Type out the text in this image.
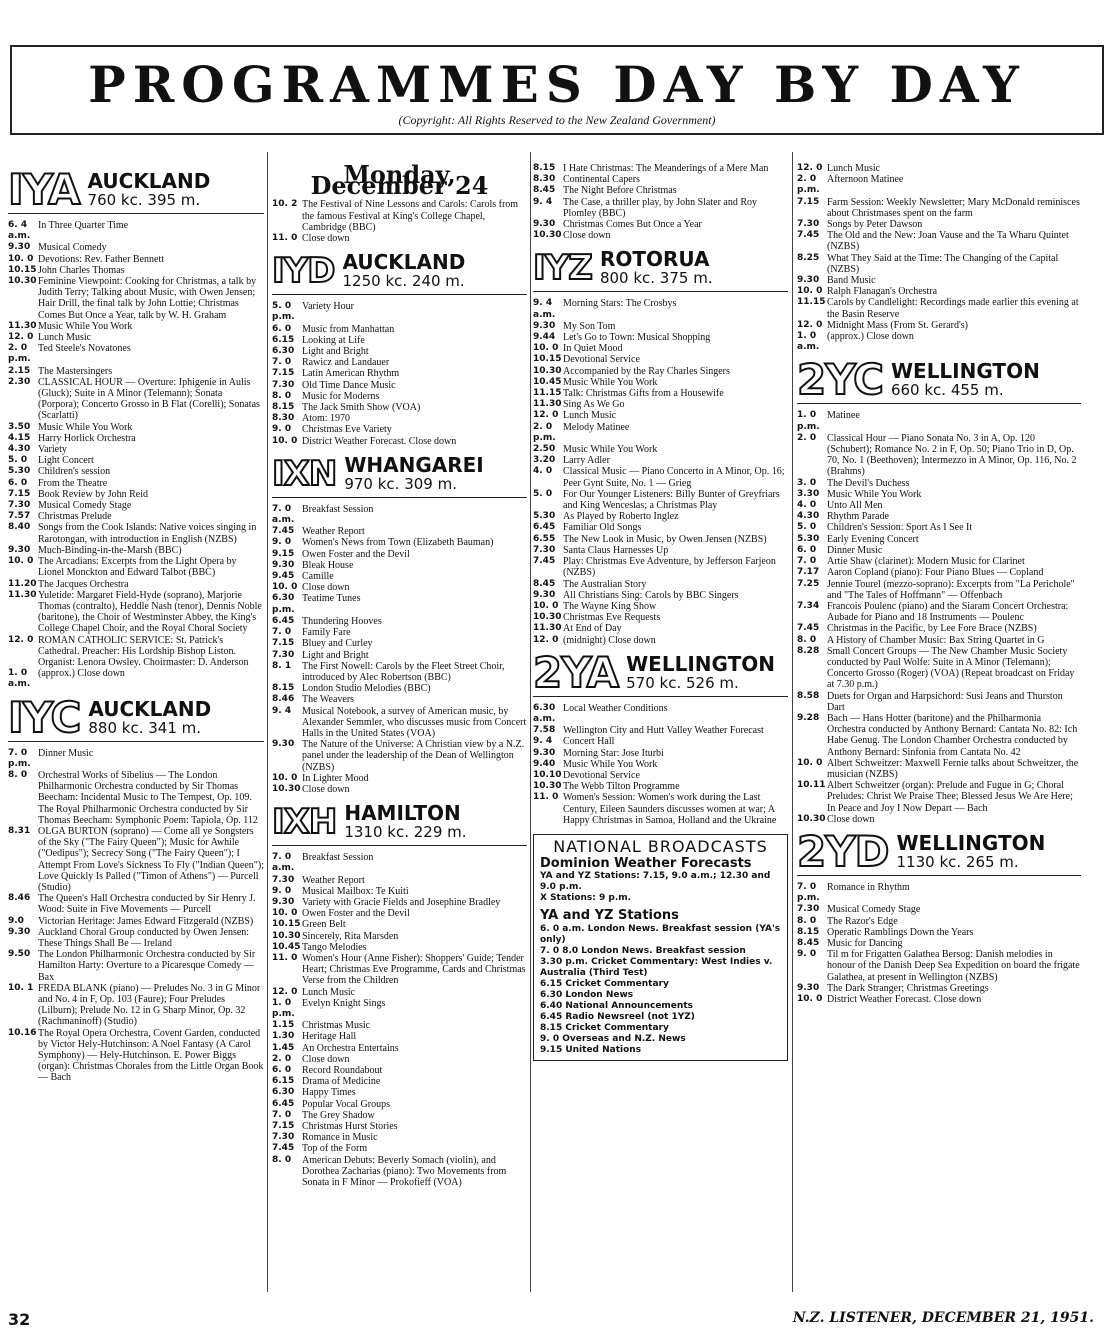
PROGRAMMES DAY BY DAY
(Copyright: All Rights Reserved to the New Zealand Government)
IYA AUCKLAND
760 kc. 395 m.
6. 4 a.m.
In Three Quarter Time
9.30 Musical Comedy
10. 0 Devotions: Rev. Father Bennett
10.15 John Charles Thomas
10.30 Feminine Viewpoint: Cooking for Christmas, a talk by Judith Terry; Talking about Music, with Owen Jensen; Hair Drill, the final talk by John Lottie; Christmas Comes But Once a Year, talk by W. H. Graham
11.30 Music While You Work
12. 0 Lunch Music
2. 0 p.m.
Ted Steele's Novatones
2.15 The Mastersingers
2.30 CLASSICAL HOUR — Overture: Iphigenie in Aulis (Gluck); Suite in A Minor (Telemann); Sonata (Porpora); Concerto Grosso in B Flat (Corelli); Sonatas (Scarlatti)
3.50 Music While You Work
4.15 Harry Horlick Orchestra
4.30 Variety
5. 0	Light Concert
5.30 Children's session
6. 0	From the Theatre
7.15 Book Review by John Reid
7.30 Musical Comedy Stage
7.57 Christmas Prelude
8.40 Songs from the Cook Islands: Native voices singing in Rarotongan, with introduction in English (NZBS)
9.30 Much-Binding-in-the-Marsh (BBC)
10. 0 The Arcadians: Excerpts from the Light Opera by Lionel Monckton and Edward Talbot (BBC)
11.20 The Jacques Orchestra
11.30 Yuletide: Margaret Field-Hyde (soprano), Marjorie Thomas (contralto), Heddle Nash (tenor), Dennis Noble (baritone), the Choir of Westminster Abbey, the King's College Chapel Choir, and the Royal Choral Society
12. 0 ROMAN CATHOLIC SERVICE: St. Patrick's Cathedral. Preacher: His Lordship Bishop Liston. Organist: Lenora Owsley. Choirmaster: D. Anderson
1. 0 a.m.
(approx.) Close down
IYC AUCKLAND
880 kc. 341 m.
7. 0 p.m.
Dinner Music
8. 0	Orchestral Works of Sibelius — The London Philharmonic Orchestra conducted by Sir Thomas Beecham: Incidental Music to The Tempest, Op. 109. The Royal Philharmonic Orchestra conducted by Sir Thomas Beecham: Symphonic Poem: Tapiola, Op. 112
8.31 OLGA BURTON (soprano) — Come all ye Songsters of the Sky ("The Fairy Queen"); Music for Awhile ("Oedipus"); Secrecy Song ("The Fairy Queen"); I Attempt From Love's Sickness To Fly ("Indian Queen"); Love Quickly Is Palled ("Timon of Athens") — Purcell (Studio)
8.46 The Queen's Hall Orchestra conducted by Sir Henry J. Wood: Suite in Five Movements — Purcell
9.0	Victorian Heritage: James Edward Fitzgerald (NZBS)
9.30 Auckland Choral Group conducted by Owen Jensen: These Things Shall Be — Ireland
9.50 The London Philharmonic Orchestra conducted by Sir Hamilton Harty: Overture to a Picaresque Comedy — Bax
10. 1 FREDA BLANK (piano) — Preludes No. 3 in G Minor and No. 4 in F, Op. 103 (Faure); Four Preludes (Lilburn); Prelude No. 12 in G Sharp Minor, Op. 32 (Rachmaninoff) (Studio)
10.16 The Royal Opera Orchestra, Covent Garden, conducted by Victor Hely-Hutchinson: A Noel Fantasy (A Carol Symphony) — Hely-Hutchinson. E. Power Biggs (organ): Christmas Chorales from the Little Organ Book — Bach
Monday, December 24
10. 2 The Festival of Nine Lessons and Carols: Carols from the famous Festival at King's College Chapel, Cambridge (BBC)
11. 0 Close down
IYD AUCKLAND
1250 kc. 240 m.
5. 0 p.m.
Variety Hour
6. 0	Music from Manhattan
6.15 Looking at Life
6.30 Light and Bright
7. 0	Rawicz and Landauer
7.15 Latin American Rhythm
7.30 Old Time Dance Music
8. 0	Music for Moderns
8.15 The Jack Smith Show (VOA)
8.30 Atom: 1970
9. 0	Christmas Eve Variety
10. 0 District Weather Forecast. Close down
IXN WHANGAREI
970 kc. 309 m.
7. 0 a.m.
Breakfast Session
7.45 Weather Report
9. 0	Women's News from Town (Elizabeth Bauman)
9.15 Owen Foster and the Devil
9.30 Bleak House
9.45 Camille
10. 0 Close down
6.30 p.m.
Teatime Tunes
6.45 Thundering Hooves
7. 0	Family Fare
7.15 Bluey and Curley
7.30 Light and Bright
8. 1	The First Nowell: Carols by the Fleet Street Choir, introduced by Alec Robertson (BBC)
8.15 London Studio Melodies (BBC)
8.46 The Weavers
9. 4	Musical Notebook, a survey of American music, by Alexander Semmler, who discusses music from Concert Halls in the United States (VOA)
9.30 The Nature of the Universe: A Christian view by a N.Z. panel under the leadership of the Dean of Wellington (NZBS)
10. 0 In Lighter Mood
10.30 Close down
IXH HAMILTON
1310 kc. 229 m.
7. 0 a.m.
Breakfast Session
7.30 Weather Report
9. 0	Musical Mailbox: Te Kuiti
9.30 Variety with Gracie Fields and Josephine Bradley
10. 0 Owen Foster and the Devil
10.15 Green Belt
10.30 Sincerely, Rita Marsden
10.45 Tango Melodies
11. 0 Women's Hour (Anne Fisher): Shoppers' Guide; Tender Heart; Christmas Eve Programme, Cards and Christmas Verse from the Children
12. 0 Lunch Music
1. 0 p.m.
Evelyn Knight Sings
1.15 Christmas Music
1.30 Heritage Hall
1.45 An Orchestra Entertains
2. 0	Close down
6. 0	Record Roundabout
6.15 Drama of Medicine
6.30 Happy Times
6.45 Popular Vocal Groups
7. 0	The Grey Shadow
7.15 Christmas Hurst Stories
7.30 Romance in Music
7.45 Top of the Form
8. 0	American Debuts: Beverly Somach (violin), and Dorothea Zacharias (piano): Two Movements from Sonata in F Minor — Prokofieff (VOA)
8.15 I Hate Christmas: The Meanderings of a Mere Man
8.30 Continental Capers
8.45 The Night Before Christmas
9. 4	The Case, a thriller play, by John Slater and Roy Plomley (BBC)
9.30 Christmas Comes But Once a Year
10.30 Close down
IYZ ROTORUA
800 kc. 375 m.
9. 4 a.m.
Morning Stars: The Crosbys
9.30 My Son Tom
9.44 Let's Go to Town: Musical Shopping
10. 0 In Quiet Mood
10.15 Devotional Service
10.30 Accompanied by the Ray Charles Singers
10.45 Music While You Work
11.15 Talk: Christmas Gifts from a Housewife
11.30 Sing As We Go
12. 0 Lunch Music
2. 0 p.m.
Melody Matinee
2.50 Music While You Work
3.20 Larry Adler
4. 0	Classical Music — Piano Concerto in A Minor, Op. 16; Peer Gynt Suite, No. 1 — Grieg
5. 0	For Our Younger Listeners: Billy Bunter of Greyfriars and King Wenceslas; a Christmas Play
5.30 As Played by Roberto Inglez
6.45 Familiar Old Songs
6.55 The New Look in Music, by Owen Jensen (NZBS)
7.30 Santa Claus Harnesses Up
7.45 Play: Christmas Eve Adventure, by Jefferson Farjeon (NZBS)
8.45 The Australian Story
9.30 All Christians Sing: Carols by BBC Singers
10. 0 The Wayne King Show
10.30 Christmas Eve Requests
11.30 At End of Day
12. 0 (midnight) Close down
2YA WELLINGTON
570 kc. 526 m.
6.30 a.m.
Local Weather Conditions
7.58 Wellington City and Hutt Valley Weather Forecast
9. 4	Concert Hall
9.30 Morning Star: Jose Iturbi
9.40 Music While You Work
10.10 Devotional Service
10.30 The Webb Tilton Programme
11. 0 Women's Session: Women's work during the Last Century, Eileen Saunders discusses women at war; A Happy Christmas in Samoa, Holland and the Ukraine
NATIONAL BROADCASTS
Dominion Weather Forecasts
YA and YZ Stations: 7.15, 9.0 a.m.; 12.30 and 9.0 p.m.
X Stations: 9 p.m.
YA and YZ Stations
6. 0 a.m. London News. Breakfast session (YA's only)
7. 0 8.0 London News. Breakfast session
3.30 p.m. Cricket Commentary: West Indies v. Australia (Third Test)
6.15 Cricket Commentary
6.30 London News
6.40 National Announcements
6.45 Radio Newsreel (not 1YZ)
8.15 Cricket Commentary
9. 0 Overseas and N.Z. News
9.15 United Nations
12. 0 Lunch Music
2. 0 p.m.
Afternoon Matinee
7.15 Farm Session: Weekly Newsletter; Mary McDonald reminisces about Christmases spent on the farm
7.30 Songs by Peter Dawson
7.45 The Old and the New: Joan Vause and the Ta Wharu Quintet (NZBS)
8.25 What They Said at the Time: The Changing of the Capital (NZBS)
9.30 Band Music
10. 0 Ralph Flanagan's Orchestra
11.15 Carols by Candlelight: Recordings made earlier this evening at the Basin Reserve
12. 0 Midnight Mass (From St. Gerard's)
1. 0 a.m.
(approx.) Close down
2YC WELLINGTON
660 kc. 455 m.
1. 0 p.m.
Matinee
2. 0	Classical Hour — Piano Sonata No. 3 in A, Op. 120 (Schubert); Romance No. 2 in F, Op. 50; Piano Trio in D, Op. 70, No. 1 (Beethoven); Intermezzo in A Minor, Op. 116, No. 2 (Brahms)
3. 0	The Devil's Duchess
3.30 Music While You Work
4. 0	Unto All Men
4.30 Rhythm Parade
5. 0	Children's Session: Sport As I See It
5.30 Early Evening Concert
6. 0	Dinner Music
7. 0	Artie Shaw (clarinet): Modern Music for Clarinet
7.17 Aaron Copland (piano): Four Piano Blues — Copland
7.25 Jennie Tourel (mezzo-soprano): Excerpts from "La Perichole" and "The Tales of Hoffmann" — Offenbach
7.34 Francois Poulenc (piano) and the Siaram Concert Orchestra: Aubade for Piano and 18 Instruments — Poulenc
7.45 Christmas in the Pacific, by Lee Fore Brace (NZBS)
8. 0	A History of Chamber Music: Bax String Quartet in G
8.28 Small Concert Groups — The New Chamber Music Society conducted by Paul Wolfe: Suite in A Minor (Telemann); Concerto Grosso (Roger) (VOA) (Repeat broadcast on Friday at 7.30 p.m.)
8.58 Duets for Organ and Harpsichord: Susi Jeans and Thurston Dart
9.28 Bach — Hans Hotter (baritone) and the Philharmonia Orchestra conducted by Anthony Bernard: Cantata No. 82: Ich Habe Genug. The London Chamber Orchestra conducted by Anthony Bernard: Sinfonia from Cantata No. 42
10. 0 Albert Schweitzer: Maxwell Fernie talks about Schweitzer, the musician (NZBS)
10.11 Albert Schweitzer (organ): Prelude and Fugue in G; Choral Preludes: Christ We Praise Thee; Blessed Jesus We Are Here; In Peace and Joy I Now Depart — Bach
10.30 Close down
2YD WELLINGTON
1130 kc. 265 m.
7. 0 p.m.
Romance in Rhythm
7.30 Musical Comedy Stage
8. 0	The Razor's Edge
8.15 Operatic Ramblings Down the Years
8.45 Music for Dancing
9. 0	Til m for Frigatten Galathea Bersog: Danish melodies in honour of the Danish Deep Sea Expedition on board the frigate Galathea, at present in Wellington (NZBS)
9.30 The Dark Stranger; Christmas Greetings
10. 0 District Weather Forecast. Close down
32	N.Z. LISTENER, DECEMBER 21, 1951.
